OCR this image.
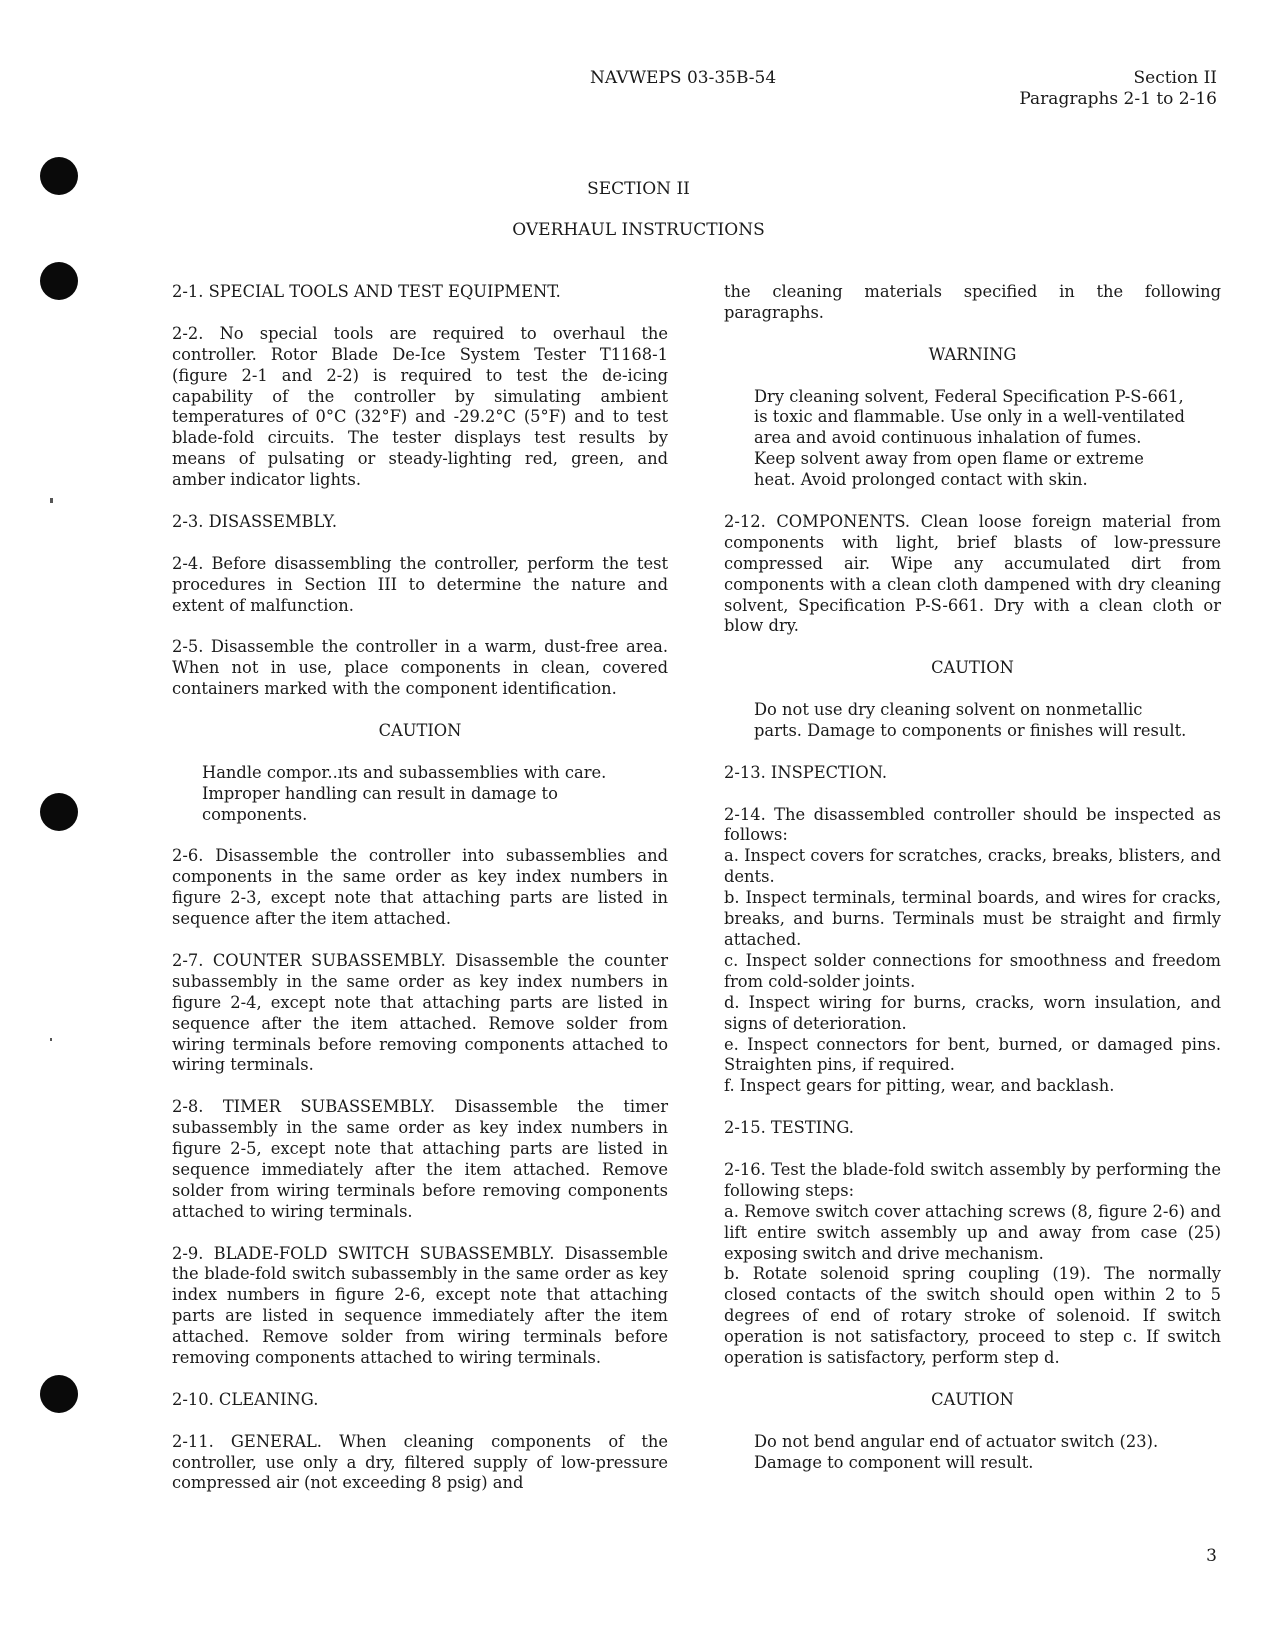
NAVWEPS 03-35B-54	Section II
Paragraphs 2-1 to 2-16
SECTION II
OVERHAUL INSTRUCTIONS
2-1. SPECIAL TOOLS AND TEST EQUIPMENT.
2-2. No special tools are required to overhaul the controller. Rotor Blade De-Ice System Tester T1168-1 (figure 2-1 and 2-2) is required to test the de-icing capability of the controller by simulating ambient temperatures of 0°C (32°F) and -29.2°C (5°F) and to test blade-fold circuits. The tester displays test results by means of pulsating or steady-lighting red, green, and amber indicator lights.
2-3. DISASSEMBLY.
2-4. Before disassembling the controller, perform the test procedures in Section III to determine the nature and extent of malfunction.
2-5. Disassemble the controller in a warm, dust-free area. When not in use, place components in clean, covered containers marked with the component identification.
CAUTION
Handle compor..ıts and subassemblies with care. Improper handling can result in damage to components.
2-6. Disassemble the controller into subassemblies and components in the same order as key index numbers in figure 2-3, except note that attaching parts are listed in sequence after the item attached.
2-7. COUNTER SUBASSEMBLY. Disassemble the counter subassembly in the same order as key index numbers in figure 2-4, except note that attaching parts are listed in sequence after the item attached. Remove solder from wiring terminals before removing components attached to wiring terminals.
2-8. TIMER SUBASSEMBLY. Disassemble the timer subassembly in the same order as key index numbers in figure 2-5, except note that attaching parts are listed in sequence immediately after the item attached. Remove solder from wiring terminals before removing components attached to wiring terminals.
2-9. BLADE-FOLD SWITCH SUBASSEMBLY. Disassemble the blade-fold switch subassembly in the same order as key index numbers in figure 2-6, except note that attaching parts are listed in sequence immediately after the item attached. Remove solder from wiring terminals before removing components attached to wiring terminals.
2-10. CLEANING.
2-11. GENERAL. When cleaning components of the controller, use only a dry, filtered supply of low-pressure compressed air (not exceeding 8 psig) and
the cleaning materials specified in the following paragraphs.
WARNING
Dry cleaning solvent, Federal Specification P-S-661, is toxic and flammable. Use only in a well-ventilated area and avoid continuous inhalation of fumes. Keep solvent away from open flame or extreme heat. Avoid prolonged contact with skin.
2-12. COMPONENTS. Clean loose foreign material from components with light, brief blasts of low-pressure compressed air. Wipe any accumulated dirt from components with a clean cloth dampened with dry cleaning solvent, Specification P-S-661. Dry with a clean cloth or blow dry.
CAUTION
Do not use dry cleaning solvent on nonmetallic parts. Damage to components or finishes will result.
2-13. INSPECTION.
2-14. The disassembled controller should be inspected as follows:
a. Inspect covers for scratches, cracks, breaks, blisters, and dents.
b. Inspect terminals, terminal boards, and wires for cracks, breaks, and burns. Terminals must be straight and firmly attached.
c. Inspect solder connections for smoothness and freedom from cold-solder joints.
d. Inspect wiring for burns, cracks, worn insulation, and signs of deterioration.
e. Inspect connectors for bent, burned, or damaged pins. Straighten pins, if required.
f. Inspect gears for pitting, wear, and backlash.
2-15. TESTING.
2-16. Test the blade-fold switch assembly by performing the following steps:
a. Remove switch cover attaching screws (8, figure 2-6) and lift entire switch assembly up and away from case (25) exposing switch and drive mechanism.
b. Rotate solenoid spring coupling (19). The normally closed contacts of the switch should open within 2 to 5 degrees of end of rotary stroke of solenoid. If switch operation is not satisfactory, proceed to step c. If switch operation is satisfactory, perform step d.
CAUTION
Do not bend angular end of actuator switch (23). Damage to component will result.
3
